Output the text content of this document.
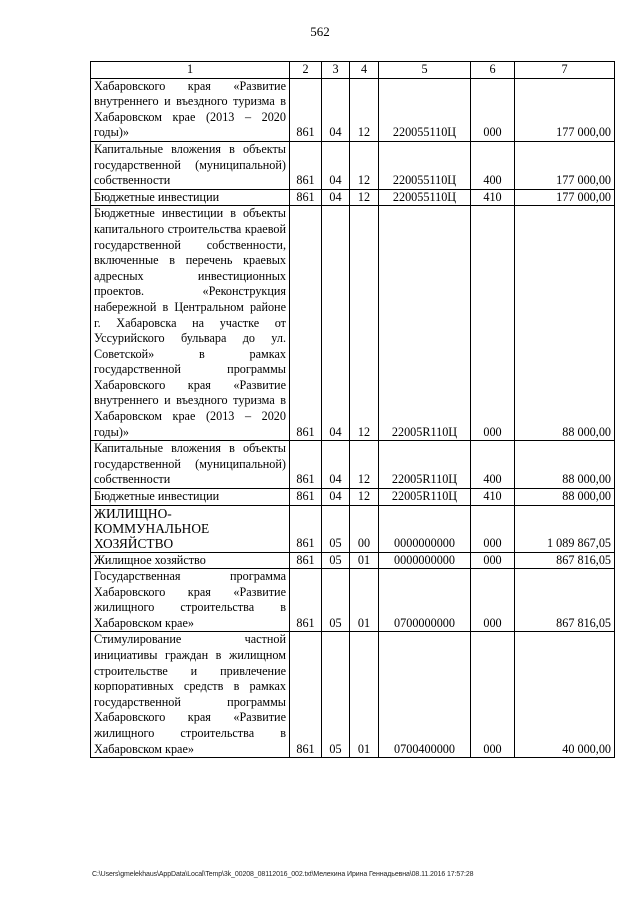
562
1	2	3	4	5	6	7
Хабаровского края «Развитие внутреннего и въездного туризма в Хабаровском крае (2013 – 2020 годы)»	861	04	12	220055110Ц	000	177 000,00
Капитальные вложения в объекты государственной (муниципальной) собственности	861	04	12	220055110Ц	400	177 000,00
Бюджетные инвестиции	861	04	12	220055110Ц	410	177 000,00
Бюджетные инвестиции в объекты капитального строительства краевой государственной собственности, включенные в перечень краевых адресных инвестиционных проектов. «Реконструкция набережной в Центральном районе г. Хабаровска на участке от Уссурийского бульвара до ул. Советской» в рамках государственной программы Хабаровского края «Развитие внутреннего и въездного туризма в Хабаровском крае (2013 – 2020 годы)»	861	04	12	22005R110Ц	000	88 000,00
Капитальные вложения в объекты государственной (муниципальной) собственности	861	04	12	22005R110Ц	400	88 000,00
Бюджетные инвестиции	861	04	12	22005R110Ц	410	88 000,00
ЖИЛИЩНО-КОММУНАЛЬНОЕ ХОЗЯЙСТВО	861	05	00	0000000000	000	1 089 867,05
Жилищное хозяйство	861	05	01	0000000000	000	867 816,05
Государственная программа Хабаровского края «Развитие жилищного строительства в Хабаровском крае»	861	05	01	0700000000	000	867 816,05
Стимулирование частной инициативы граждан в жилищном строительстве и привлечение корпоративных средств в рамках государственной программы Хабаровского края «Развитие жилищного строительства в Хабаровском крае»	861	05	01	0700400000	000	40 000,00
C:\Users\gmelekhaus\AppData\Local\Temp\3k_00208_08112016_002.txt\Мелехина Ирина Геннадьевна\08.11.2016 17:57:28
